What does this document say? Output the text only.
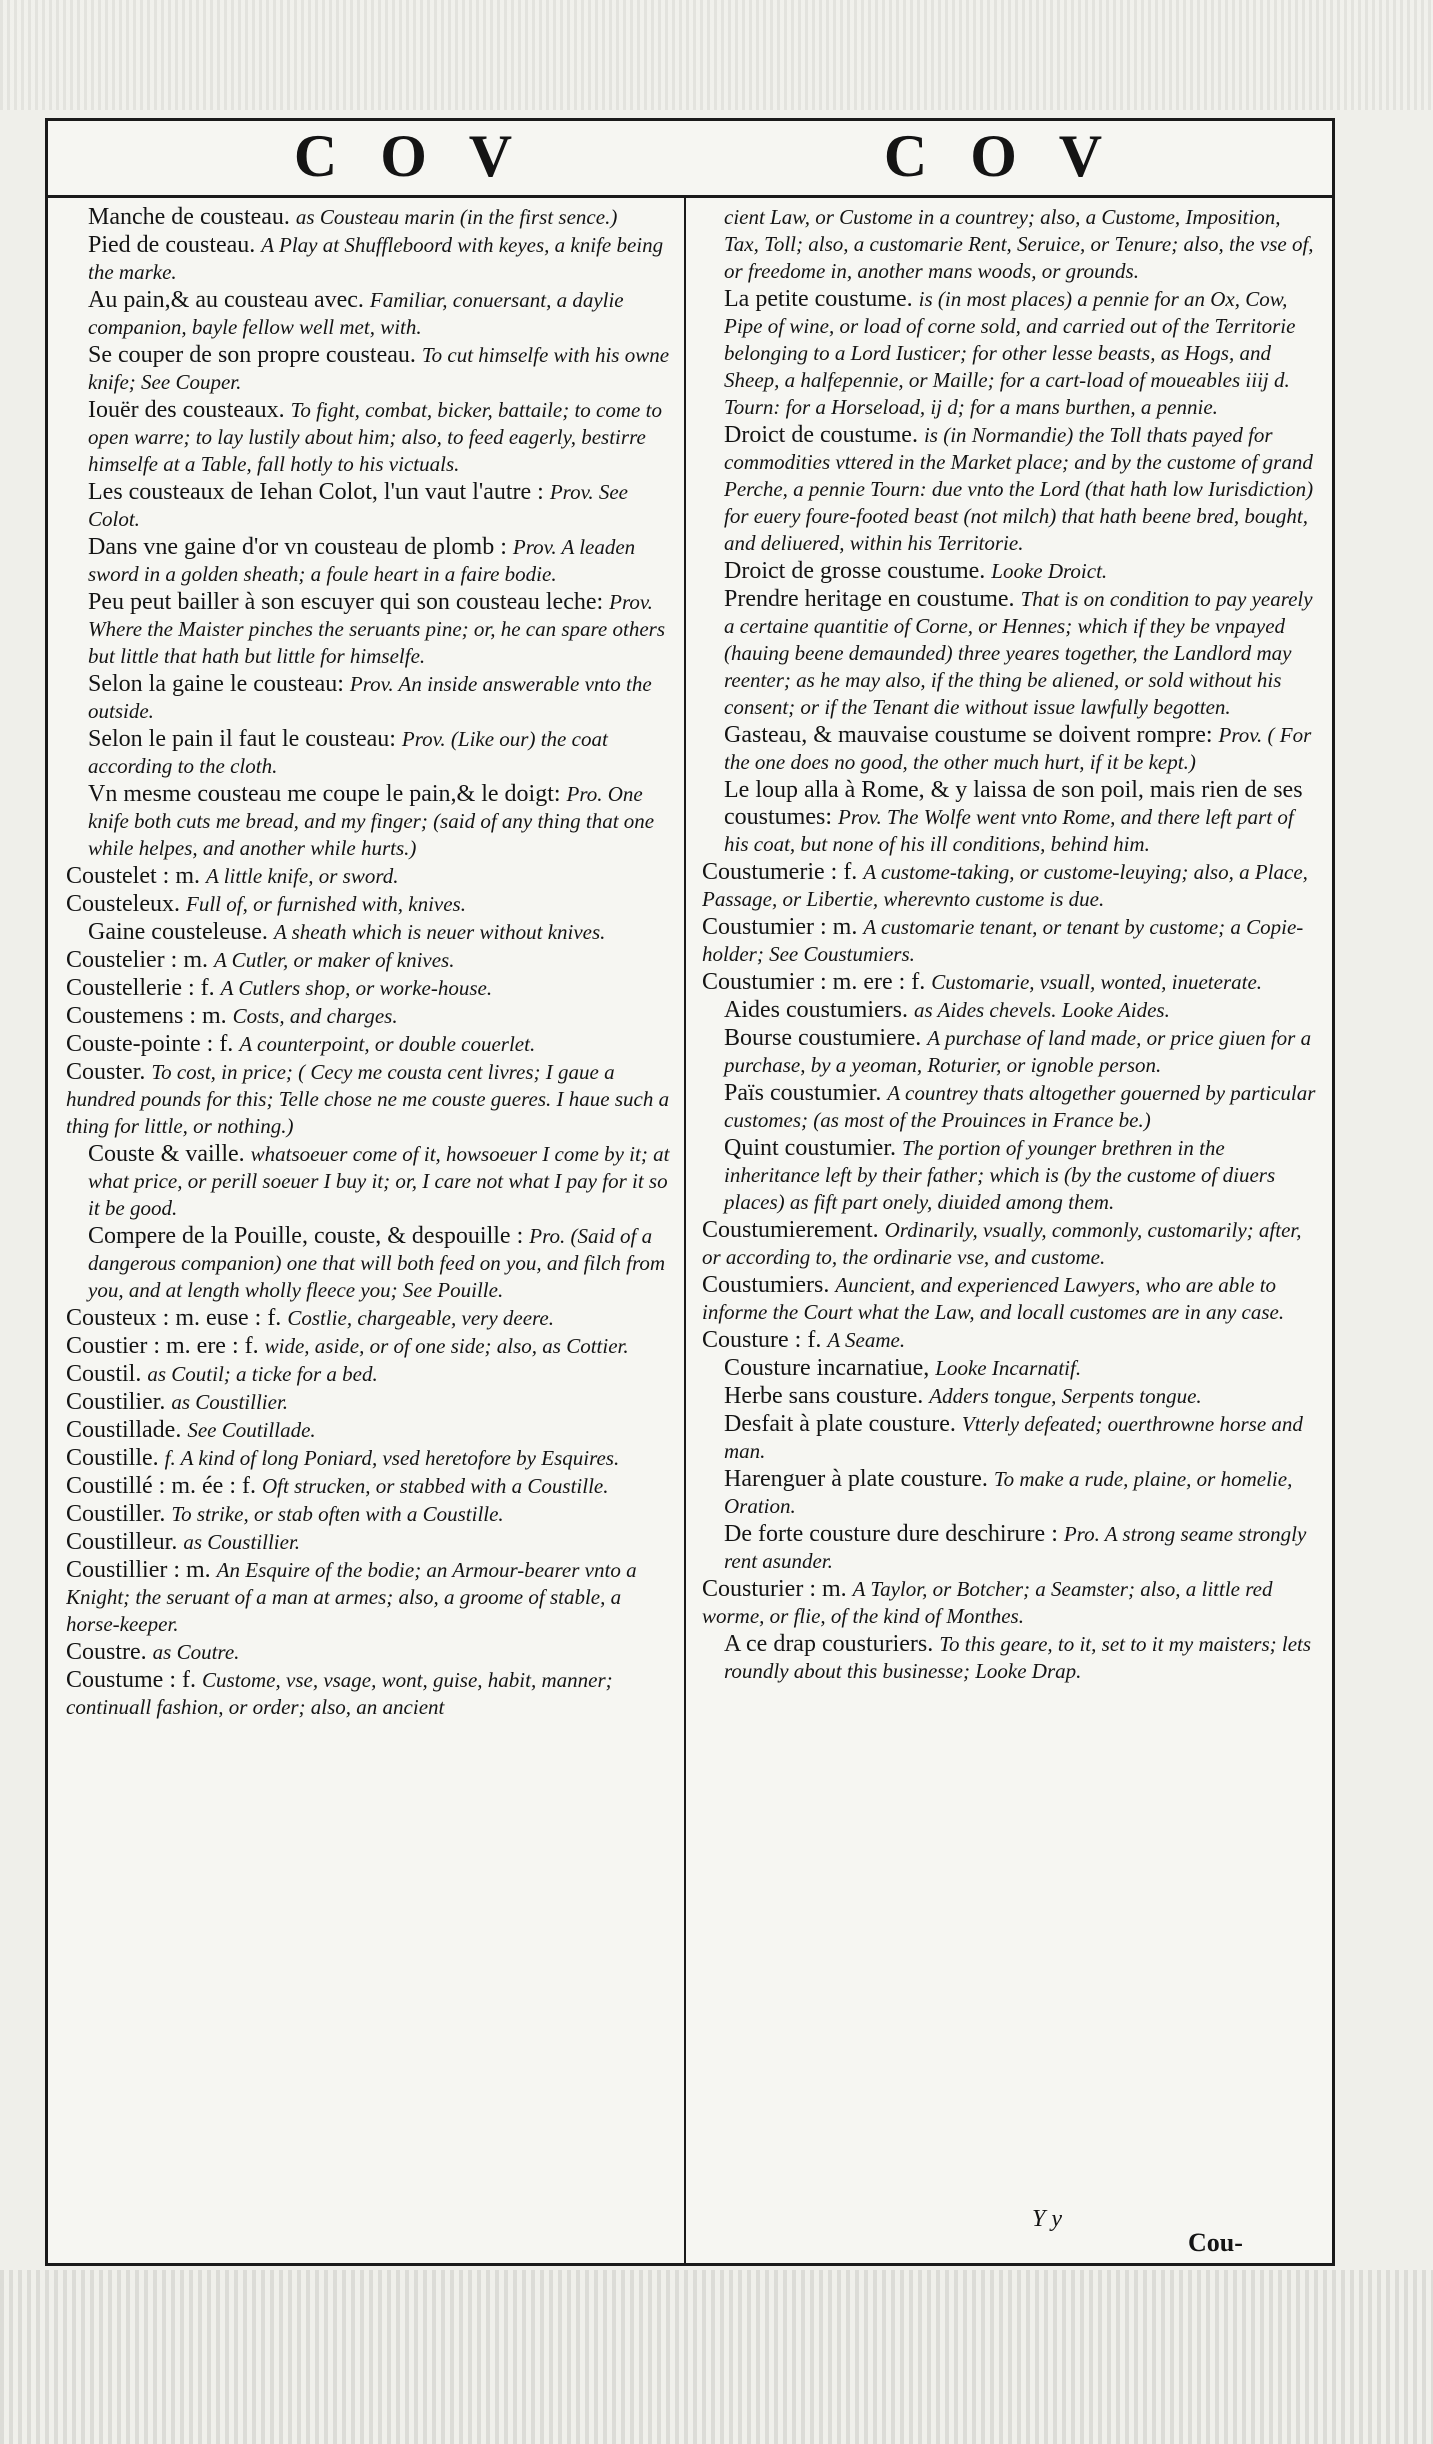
C O V	C O V
Manche de cousteau. as Cousteau marin (in the first sence.)
Pied de cousteau. A Play at Shuffleboord with keyes, a knife being the marke.
Au pain,& au cousteau avec. Familiar, conuersant, a daylie companion, bayle fellow well met, with.
Se couper de son propre cousteau. To cut himselfe with his owne knife; See Couper.
Iouër des cousteaux. To fight, combat, bicker, battaile; to come to open warre; to lay lustily about him; also, to feed eagerly, bestirre himselfe at a Table, fall hotly to his victuals.
Les cousteaux de Iehan Colot, l'un vaut l'autre : Prov. See Colot.
Dans vne gaine d'or vn cousteau de plomb : Prov. A leaden sword in a golden sheath; a foule heart in a faire bodie.
Peu peut bailler à son escuyer qui son cousteau leche: Prov. Where the Maister pinches the seruants pine; or, he can spare others but little that hath but little for himselfe.
Selon la gaine le cousteau: Prov. An inside answerable vnto the outside.
Selon le pain il faut le cousteau: Prov. (Like our) the coat according to the cloth.
Vn mesme cousteau me coupe le pain,& le doigt: Pro. One knife both cuts me bread, and my finger; (said of any thing that one while helpes, and another while hurts.)
Coustelet : m. A little knife, or sword.
Cousteleux. Full of, or furnished with, knives.
Gaine cousteleuse. A sheath which is neuer without knives.
Coustelier : m. A Cutler, or maker of knives.
Coustellerie : f. A Cutlers shop, or worke-house.
Coustemens : m. Costs, and charges.
Couste-pointe : f. A counterpoint, or double couerlet.
Couster. To cost, in price; ( Cecy me cousta cent livres; I gaue a hundred pounds for this; Telle chose ne me couste gueres. I haue such a thing for little, or nothing.)
Couste & vaille. whatsoeuer come of it, howsoeuer I come by it; at what price, or perill soeuer I buy it; or, I care not what I pay for it so it be good.
Compere de la Pouille, couste, & despouille : Pro. (Said of a dangerous companion) one that will both feed on you, and filch from you, and at length wholly fleece you; See Pouille.
Cousteux : m. euse : f. Costlie, chargeable, very deere.
Coustier : m. ere : f. wide, aside, or of one side; also, as Cottier.
Coustil. as Coutil; a ticke for a bed.
Coustilier. as Coustillier.
Coustillade. See Coutillade.
Coustille. f. A kind of long Poniard, vsed heretofore by Esquires.
Coustillé : m. ée : f. Oft strucken, or stabbed with a Coustille.
Coustiller. To strike, or stab often with a Coustille.
Coustilleur. as Coustillier.
Coustillier : m. An Esquire of the bodie; an Armour-bearer vnto a Knight; the seruant of a man at armes; also, a groome of stable, a horse-keeper.
Coustre. as Coutre.
Coustume : f. Custome, vse, vsage, wont, guise, habit, manner; continuall fashion, or order; also, an ancient
cient Law, or Custome in a countrey; also, a Custome, Imposition, Tax, Toll; also, a customarie Rent, Seruice, or Tenure; also, the vse of, or freedome in, another mans woods, or grounds.
La petite coustume. is (in most places) a pennie for an Ox, Cow, Pipe of wine, or load of corne sold, and carried out of the Territorie belonging to a Lord Iusticer; for other lesse beasts, as Hogs, and Sheep, a halfepennie, or Maille; for a cart-load of moueables iiij d. Tourn: for a Horseload, ij d; for a mans burthen, a pennie.
Droict de coustume. is (in Normandie) the Toll thats payed for commodities vttered in the Market place; and by the custome of grand Perche, a pennie Tourn: due vnto the Lord (that hath low Iurisdiction) for euery foure-footed beast (not milch) that hath beene bred, bought, and deliuered, within his Territorie.
Droict de grosse coustume. Looke Droict.
Prendre heritage en coustume. That is on condition to pay yearely a certaine quantitie of Corne, or Hennes; which if they be vnpayed (hauing beene demaunded) three yeares together, the Landlord may reenter; as he may also, if the thing be aliened, or sold without his consent; or if the Tenant die without issue lawfully begotten.
Gasteau, & mauvaise coustume se doivent rompre: Prov. ( For the one does no good, the other much hurt, if it be kept.)
Le loup alla à Rome, & y laissa de son poil, mais rien de ses coustumes: Prov. The Wolfe went vnto Rome, and there left part of his coat, but none of his ill conditions, behind him.
Coustumerie : f. A custome-taking, or custome-leuying; also, a Place, Passage, or Libertie, wherevnto custome is due.
Coustumier : m. A customarie tenant, or tenant by custome; a Copie-holder; See Coustumiers.
Coustumier : m. ere : f. Customarie, vsuall, wonted, inueterate.
Aides coustumiers. as Aides chevels. Looke Aides.
Bourse coustumiere. A purchase of land made, or price giuen for a purchase, by a yeoman, Roturier, or ignoble person.
Païs coustumier. A countrey thats altogether gouerned by particular customes; (as most of the Prouinces in France be.)
Quint coustumier. The portion of younger brethren in the inheritance left by their father; which is (by the custome of diuers places) as fift part onely, diuided among them.
Coustumierement. Ordinarily, vsually, commonly, customarily; after, or according to, the ordinarie vse, and custome.
Coustumiers. Auncient, and experienced Lawyers, who are able to informe the Court what the Law, and locall customes are in any case.
Cousture : f. A Seame.
Cousture incarnatiue, Looke Incarnatif.
Herbe sans cousture. Adders tongue, Serpents tongue.
Desfait à plate cousture. Vtterly defeated; ouerthrowne horse and man.
Harenguer à plate cousture. To make a rude, plaine, or homelie, Oration.
De forte cousture dure deschirure : Pro. A strong seame strongly rent asunder.
Cousturier : m. A Taylor, or Botcher; a Seamster; also, a little red worme, or flie, of the kind of Monthes.
A ce drap cousturiers. To this geare, to it, set to it my maisters; lets roundly about this businesse; Looke Drap.
Y y
Cou-
